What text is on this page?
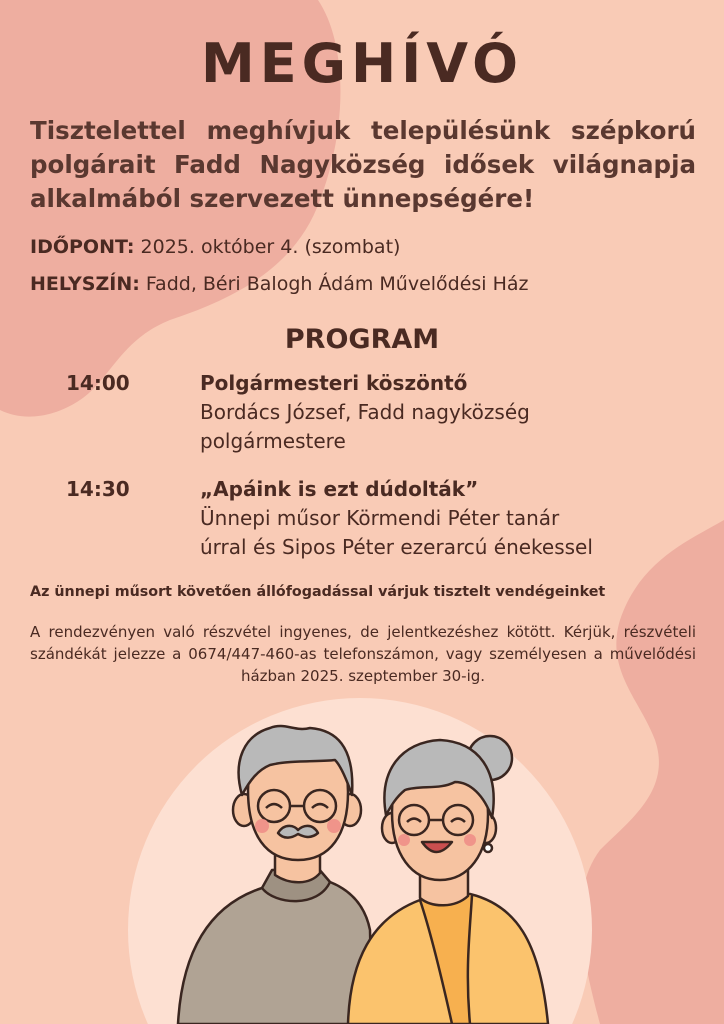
MEGHÍVÓ
Tisztelettel meghívjuk településünk szépkorú polgárait Fadd Nagyközség idősek világnapja alkalmából szervezett ünnepségére!
IDŐPONT: 2025. október 4. (szombat)
HELYSZÍN: Fadd, Béri Balogh Ádám Művelődési Ház
PROGRAM
14:00	Polgármesteri köszöntő
Bordács József, Fadd nagyközség
polgármestere
14:30	„Apáink is ezt dúdolták”
Ünnepi műsor Körmendi Péter tanár
úrral és Sipos Péter ezerarcú énekessel
Az ünnepi műsort követően állófogadással várjuk tisztelt vendégeinket
A rendezvényen való részvétel ingyenes, de jelentkezéshez kötött. Kérjük, részvételi szándékát jelezze a 0674/447-460-as telefonszámon, vagy személyesen a művelődési házban 2025. szeptember 30-ig.
